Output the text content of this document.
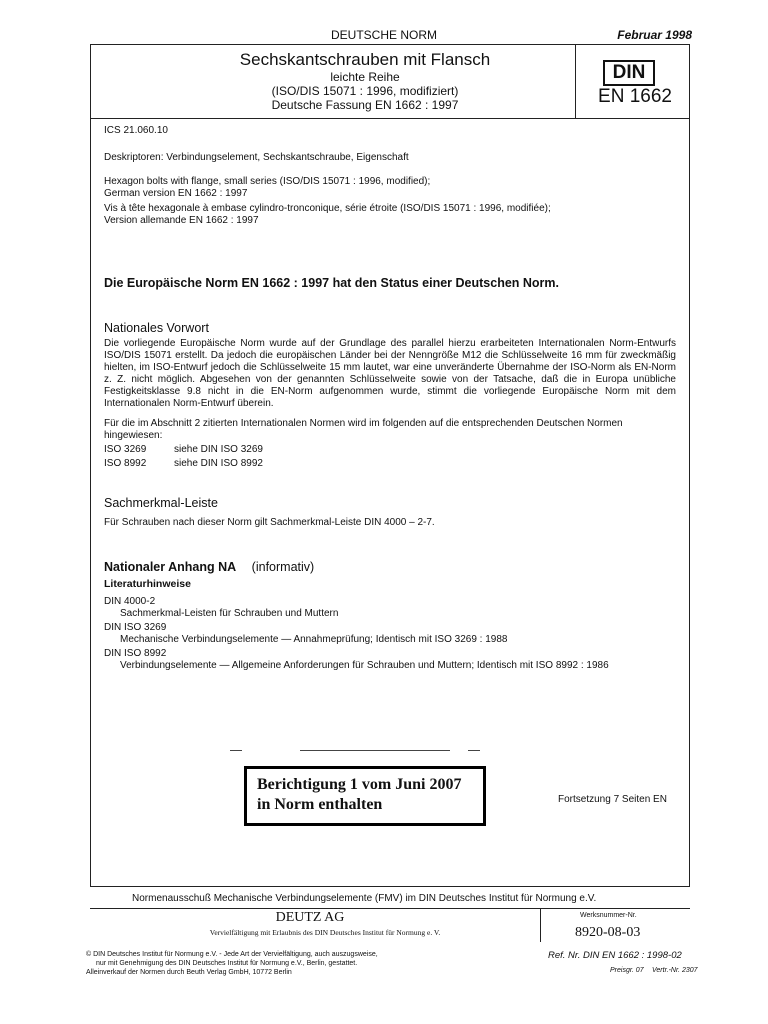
DEUTSCHE NORM	Februar 1998
Sechskantschrauben mit Flansch
leichte Reihe
(ISO/DIS 15071 : 1996, modifiziert)
Deutsche Fassung EN 1662 : 1997
DIN
EN 1662
ICS 21.060.10
Deskriptoren: Verbindungselement, Sechskantschraube, Eigenschaft
Hexagon bolts with flange, small series (ISO/DIS 15071 : 1996, modified);
German version EN 1662 : 1997
Vis à tête hexagonale à embase cylindro-tronconique, série étroite (ISO/DIS 15071 : 1996, modifiée);
Version allemande EN 1662 : 1997
Die Europäische Norm EN 1662 : 1997 hat den Status einer Deutschen Norm.
Nationales Vorwort
Die vorliegende Europäische Norm wurde auf der Grundlage des parallel hierzu erarbeiteten Internationalen Norm-Entwurfs ISO/DIS 15071 erstellt. Da jedoch die europäischen Länder bei der Nenngröße M12 die Schlüsselweite 16 mm für zweckmäßig hielten, im ISO-Entwurf jedoch die Schlüsselweite 15 mm lautet, war eine unveränderte Übernahme der ISO-Norm als EN-Norm z. Z. nicht möglich. Abgesehen von der genannten Schlüsselweite sowie von der Tatsache, daß die in Europa unübliche Festigkeitsklasse 9.8 nicht in die EN-Norm aufgenommen wurde, stimmt die vorliegende Europäische Norm mit dem Internationalen Norm-Entwurf überein.
Für die im Abschnitt 2 zitierten Internationalen Normen wird im folgenden auf die entsprechenden Deutschen Normen hingewiesen:
ISO 3269	siehe DIN ISO 3269
ISO 8992	siehe DIN ISO 8992
Sachmerkmal-Leiste
Für Schrauben nach dieser Norm gilt Sachmerkmal-Leiste DIN 4000 – 2-7.
Nationaler Anhang NA (informativ)
Literaturhinweise
DIN 4000-2
Sachmerkmal-Leisten für Schrauben und Muttern
DIN ISO 3269
Mechanische Verbindungselemente — Annahmeprüfung; Identisch mit ISO 3269 : 1988
DIN ISO 8992
Verbindungselemente — Allgemeine Anforderungen für Schrauben und Muttern; Identisch mit ISO 8992 : 1986
Berichtigung 1 vom Juni 2007
in Norm enthalten	Fortsetzung 7 Seiten EN
Normenausschuß Mechanische Verbindungselemente (FMV) im DIN Deutsches Institut für Normung e.V.
DEUTZ AG
Vervielfältigung mit Erlaubnis des DIN Deutsches Institut für Normung e. V.
Werksnummer-Nr.
8920-08-03
© DIN Deutsches Institut für Normung e.V. - Jede Art der Vervielfältigung, auch auszugsweise,
nur mit Genehmigung des DIN Deutsches Institut für Normung e.V., Berlin, gestattet.
Alleinverkauf der Normen durch Beuth Verlag GmbH, 10772 Berlin
Ref. Nr. DIN EN 1662 : 1998-02
Preisgr. 07 Vertr.-Nr. 2307
